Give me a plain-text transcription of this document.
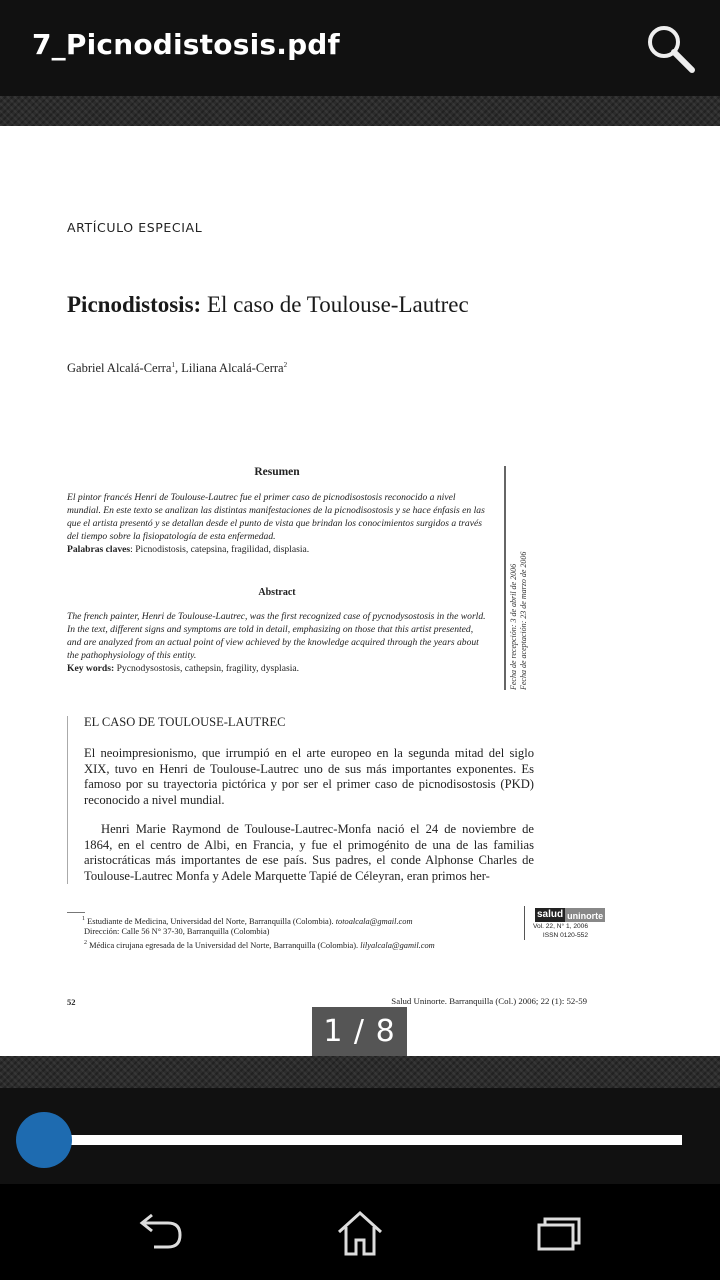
7_Picnodistosis.pdf
ARTÍCULO ESPECIAL
Picnodistosis: El caso de Toulouse-Lautrec
Gabriel Alcalá-Cerra$^1$, Liliana Alcalá-Cerra$^2$
Resumen
El pintor francés Henri de Toulouse-Lautrec fue el primer caso de picnodisostosis reconocido a nivel mundial. En este texto se analizan las distintas manifestaciones de la picnodisostosis y se hace énfasis en las que el artista presentó y se detallan desde el punto de vista que brindan los conocimientos surgidos a través del tiempo sobre la fisiopatología de esta enfermedad.
Palabras claves: Picnodistosis, catepsina, fragilidad, displasia.
Abstract
The french painter, Henri de Toulouse-Lautrec, was the first recognized case of pycnodysostosis in the world. In the text, different signs and symptoms are told in detail, emphasizing on those that this artist presented, and are analyzed from an actual point of view achieved by the knowledge acquired through the years about the pathophysiology of this entity.
Key words: Pycnodysostosis, cathepsin, fragility, dysplasia.	Fecha de recepción: 3 de abril de 2006 Fecha de aceptación: 23 de marzo de 2006
EL CASO DE TOULOUSE-LAUTREC
El neoimpresionismo, que irrumpió en el arte europeo en la segunda mitad del siglo XIX, tuvo en Henri de Toulouse-Lautrec uno de sus más importantes exponentes. Es famoso por su trayectoria pictórica y por ser el primer caso de picnodisostosis (PKD) reconocido a nivel mundial.
Henri Marie Raymond de Toulouse-Lautrec-Monfa nació el 24 de noviembre de 1864, en el centro de Albi, en Francia, y fue el primogénito de una de las familias aristocráticas más importantes de ese país. Sus padres, el conde Alphonse Charles de Toulouse-Lautrec Monfa y Adele Marquette Tapié de Céleyran, eran primos her-
$^1$ Estudiante de Medicina, Universidad del Norte, Barranquilla (Colombia). totoalcala@gmail.com
Dirección: Calle 56 N° 37-30, Barranquilla (Colombia)
$^2$ Médica cirujana egresada de la Universidad del Norte, Barranquilla (Colombia). lilyalcala@gamil.com
salud uninorte
Vol. 22, N° 1, 2006
ISSN 0120-552
52	Salud Uninorte. Barranquilla (Col.) 2006; 22 (1): 52-59
1 / 8
